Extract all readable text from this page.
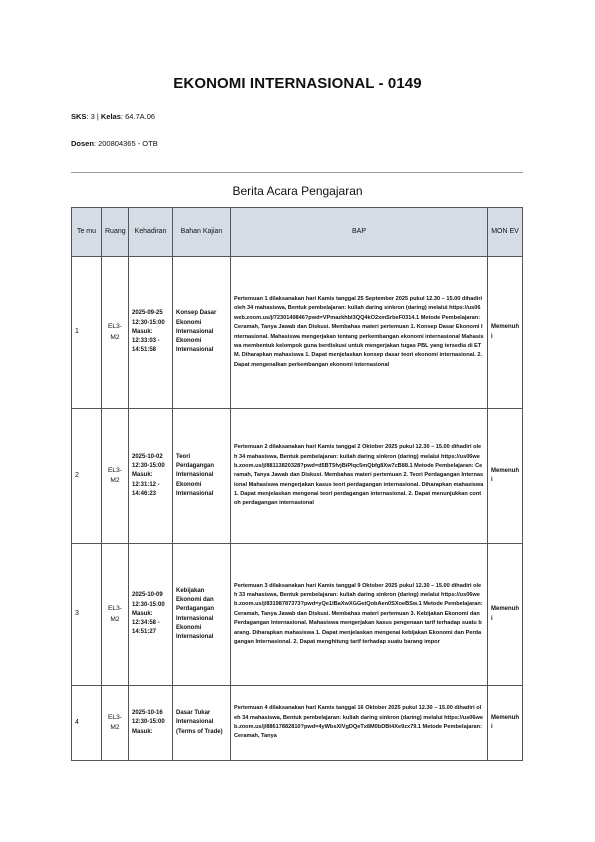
EKONOMI INTERNASIONAL - 0149
SKS: 3 | Kelas: 64.7A.06
Dosen: 200804365 - OTB
Berita Acara Pengajaran
Te mu	Ruang	Kehadiran	Bahan Kajian	BAP	MON EV
1	EL3-M2	2025-09-25 12:30-15:00 Masuk: 12:33:03 - 14:51:58	Konsep Dasar Ekonomi Internasional Ekonomi Internasional	Pertemuan 1 dilaksanakan hari Kamis tanggal 25 September 2025 pukul 12.30 – 15.00 dihadiri oleh 34 mahasiswa, Bentuk pembelajaran: kuliah daring sinkron (daring) melalui https://us06web.zoom.us/j/7230140846?pwd=VPmazkhbl3QQ4kO2xmSrbeF0314.1 Metode Pembelajaran: Ceramah, Tanya Jawab dan Diskusi. Membahas materi pertemuan 1. Konsep Dasar Ekonomi Internasional. Mahasiswa mengerjakan tentang perkembangan ekonomi internasional Mahasiswa membentuk kelompok guna berdiskusi untuk mengerjakan tugas PBL yang tersedia di ETM. Diharapkan mahasiswa 1. Dapat menjelaskan konsep dasar teori ekonomi internasional. 2. Dapat mengenalkan perkembangan ekonomi internasional	Memenuhi
2	EL3-M2	2025-10-02 12:30-15:00 Masuk: 12:31:12 - 14:46:23	Teori Perdagangan Internasional Ekonomi Internasional	Pertemuan 2 dilaksanakan hari Kamis tanggal 2 Oktober 2025 pukul 12.30 – 15.00 dihadiri oleh 34 mahasiswa, Bentuk pembelajaran: kuliah daring sinkron (daring) melalui https://us06web.zoom.us/j/88113820328?pwd=d5BT5fvjBiPlqc5mQbfg8Xw7cB88.1 Metode Pembelajaran: Ceramah, Tanya Jawab dan Diskusi. Membahas materi pertemuan 2. Teori Perdagangan Internasional Mahasiswa mengerjakan kasus teori perdagangan internasional. Diharapkan mahasiswa 1. Dapat menjelaskan mengenai teori perdagangan internasional. 2. Dapat menunjukkan contoh perdagangan internasional	Memenuhi
3	EL3-M2	2025-10-09 12:30-15:00 Masuk: 12:34:58 - 14:51:27	Kebijakan Ekonomi dan Perdagangan Internasional Ekonomi Internasional	Pertemuan 3 dilaksanakan hari Kamis tanggal 9 Oktober 2025 pukul 12.30 – 15.00 dihadiri oleh 33 mahasiswa, Bentuk pembelajaran: kuliah daring sinkron (daring) melalui https://us06web.zoom.us/j/83198787373?pwd=yQe1IBaXwXGGetQobAen0SXoeBSw.1 Metode Pembelajaran: Ceramah, Tanya Jawab dan Diskusi. Membahas materi pertemuan 3. Kebijakan Ekonomi dan Perdagangan Internasional. Mahasiswa mengerjakan kasus pengenaan tarif terhadap suatu barang. Diharapkan mahasiswa 1. Dapat menjelaskan mengenai kebijakan Ekonomi dan Perdagangan Internasional. 2. Dapat menghitung tarif terhadap suatu barang impor	Memenuhi
4	EL3-M2	2025-10-16 12:30-15:00 Masuk:	Dasar Tukar Internasional (Terms of Trade)	Pertemuan 4 dilaksanakan hari Kamis tanggal 16 Oktober 2025 pukul 12.30 – 15.00 dihadiri oleh 34 mahasiswa, Bentuk pembelajaran: kuliah daring sinkron (daring) melalui https://us06web.zoom.us/j/88617882810?pwd=4yWbsXIVgDQeTx8M0bDBt4Xe9zx79.1 Metode Pembelajaran: Ceramah, Tanya	Memenuhi
